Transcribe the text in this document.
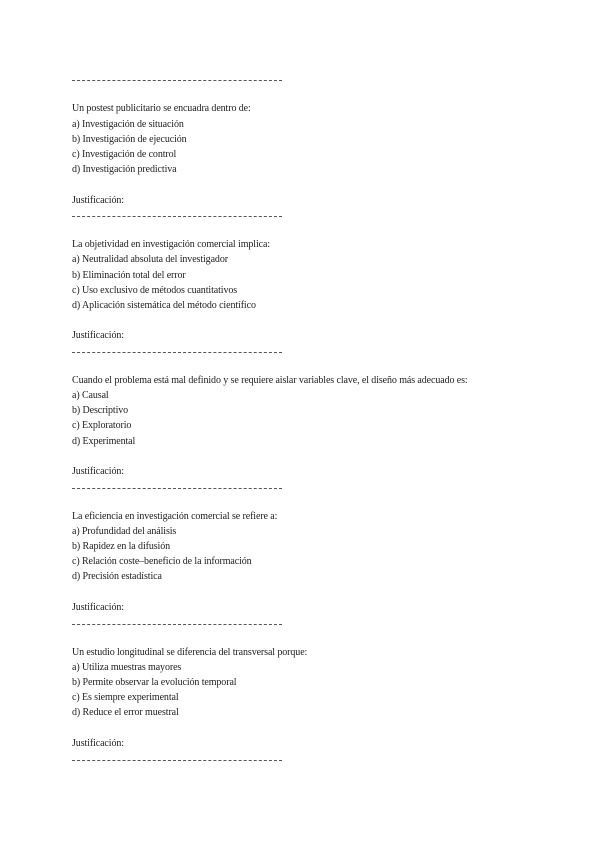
Un postest publicitario se encuadra dentro de:
a) Investigación de situación
b) Investigación de ejecución
c) Investigación de control
d) Investigación predictiva
Justificación:
La objetividad en investigación comercial implica:
a) Neutralidad absoluta del investigador
b) Eliminación total del error
c) Uso exclusivo de métodos cuantitativos
d) Aplicación sistemática del método científico
Justificación:
Cuando el problema está mal definido y se requiere aislar variables clave, el diseño más adecuado es:
a) Causal
b) Descriptivo
c) Exploratorio
d) Experimental
Justificación:
La eficiencia en investigación comercial se refiere a:
a) Profundidad del análisis
b) Rapidez en la difusión
c) Relación coste–beneficio de la información
d) Precisión estadística
Justificación:
Un estudio longitudinal se diferencia del transversal porque:
a) Utiliza muestras mayores
b) Permite observar la evolución temporal
c) Es siempre experimental
d) Reduce el error muestral
Justificación:
